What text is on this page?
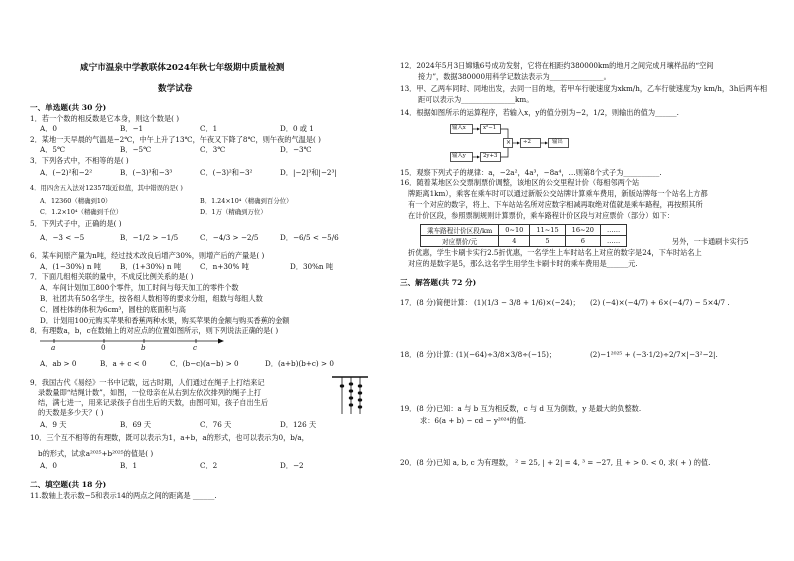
咸宁市温泉中学教联体2024年秋七年级期中质量检测
数学试卷
一、单选题(共 30 分)
1．若一个数的相反数是它本身，则这个数是( )
A．0	B．−1	C．1	D．0 或 1
2．某地一天早晨的气温是−2℃，中午上升了13℃，午夜又下降了8℃，则午夜的气温是( )
A．5℃	B．−5℃	C．3℃	D．−3℃
3．下列各式中，不相等的是( )
A．(−2)²和−2²	B．(−3)³和−3³	C．(−3)²和−3²	D．|−2|³和|−2³|
4．用四舍五入法对12357取近似值，其中错误的是( )
A．12360（精确到10）	B．1.24×10⁴（精确到百分位）
C．1.2×10⁴（精确到千位）	D．1万（精确到万位）
5．下列式子中，正确的是( )
A．−3 < −5	B．−1/2 > −1/5	C．−4/3 > −2/5	D．−6/5 < −5/6
6．某车间原产量为n吨，经过技术改良后增产30%，则增产后的产量是( )
A．(1−30%) n 吨	B．(1+30%) n 吨	C．n+30% 吨	D．30%n 吨
7．下面几组相关联的量中，不成反比例关系的是( )
A．车间计划加工800个零件，加工时间与每天加工的零件个数
B．社团共有50名学生，按各组人数相等的要求分组，组数与每组人数
C．圆柱体的体积为6cm³，圆柱的底面积与高
D．计划用100元购买苹果和香蕉两种水果，购买苹果的金额与购买香蕉的金额
8．有理数a，b，c在数轴上的对应点的位置如图所示，则下列说法正确的是( )
a	0	b	c
A．ab > 0	B．a + c < 0	C．(b−c)(a−b) > 0	D．(a+b)(b+c) > 0
9．我国古代《易经》一书中记载，远古时期，人们通过在绳子上打结来记
录数量即“结绳计数”，如图，一位母亲在从右到左依次排列的绳子上打
结，满七进一，用来记录孩子自出生后的天数，由图可知，孩子自出生后
的天数是多少天？( )
A．9 天	B．69 天	C．76 天	D．126 天
10．三个互不相等的有理数，既可以表示为1，a+b，a的形式，也可以表示为0，b/a，
b的形式，试求a²⁰²⁵+b²⁰²⁵的值是( )
A．0	B．1	C．2	D．−2
二、填空题(共 18 分)
11.数轴上表示数−5和表示14的两点之间的距离是 ______.
12．2024年5月3日嫦娥6号成功发射，它将在相距约380000km的地月之间完成月壤样品的“空间
接力”，数据380000用科学记数法表示为_______________。
13．甲、乙两车同时、同地出发，去同一目的地，若甲车行驶速度为xkm/h，乙车行驶速度为y km/h，3h后两车相
距可以表示为_______________km。
14．根据如图所示的运算程序，若输入x，y的值分别为−2，1/2，则输出的值为______.
输入x	x²−1
÷2	输出
输入y	2y+3
×
15．观察下列式子的规律：a，−2a²，4a³，−8a⁴，…则第8个式子为__________.
16．随着某地区公交票制票价调整，该地区的公交里程计价（每相邻两个站
牌距离1km），乘客在乘车时可以通过新版公交站牌计算乘车费用，新版站牌每一个站名上方都
有一个对应的数字，将上、下车站站名所对应数字相减再取绝对值就是乘车路程，再按照其所
在计价区段，参照票制规则计算票价，乘车路程计价区段与对应票价（部分）如下：
乘车路程计价区段/km	0~10	11~15	16~20	……
对应票价/元	4	5	6	……	另外，一卡通刷卡实行5
折优惠，学生卡刷卡实行2.5折优惠，一名学生上车时站名上对应的数字是24，下车时站名上
对应的是数字是5，那么这名学生用学生卡刷卡时的乘车费用是______元.
三、解答题(共 72 分)
17．(8 分)简便计算： (1)(1/3 − 3/8 + 1/6)×(−24)； (2) (−4)×(−4/7) + 6×(−4/7) − 5×4/7 .
18．(8 分)计算：
(1)(−64)÷3/8×3/8÷(−15)；	(2)−1²⁰²⁵ + (−3·1/2)÷2/7×|−3²−2|.
19．(8 分)已知：a 与 b 互为相反数，c 与 d 互为倒数，y 是最大的负整数.
求：6(a + b) − cd − y²⁰²⁴的值.
20．(8 分)已知 a, b, c 为有理数， ² = 25, | + 2| = 4, ³ = −27, 且 + > 0. < 0, 求( + ) 的值.
